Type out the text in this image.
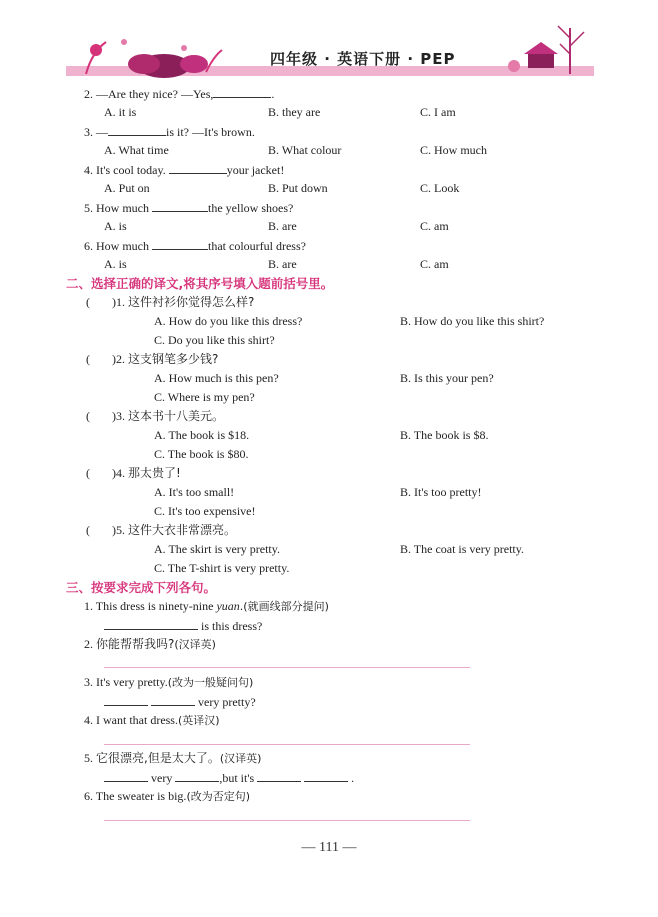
四年级 · 英语下册 · PEP
2. —Are they nice? —Yes,	.
A. it is	B. they are	C. I am
3. —	is it? —It's brown.
A. What time	B. What colour	C. How much
4. It's cool today.	your jacket!
A. Put on	B. Put down	C. Look
5. How much	the yellow shoes?
A. is	B. are	C. am
6. How much	that colourful dress?
A. is	B. are	C. am
二、选择正确的译文,将其序号填入题前括号里。
( )1. 这件衬衫你觉得怎么样?
A. How do you like this dress?	B. How do you like this shirt?
C. Do you like this shirt?
( )2. 这支钢笔多少钱?
A. How much is this pen?	B. Is this your pen?
C. Where is my pen?
( )3. 这本书十八美元。
A. The book is $18.	B. The book is $8.
C. The book is $80.
( )4. 那太贵了!
A. It's too small!	B. It's too pretty!
C. It's too expensive!
( )5. 这件大衣非常漂亮。
A. The skirt is very pretty.	B. The coat is very pretty.
C. The T-shirt is very pretty.
三、按要求完成下列各句。
1. This dress is ninety-nine yuan.(就画线部分提问)
is this dress?
2. 你能帮帮我吗?(汉译英)
3. It's very pretty.(改为一般疑问句)
very pretty?
4. I want that dress.(英译汉)
5. 它很漂亮,但是太大了。(汉译英)
very	,but it's	.
6. The sweater is big.(改为否定句)
— 111 —
